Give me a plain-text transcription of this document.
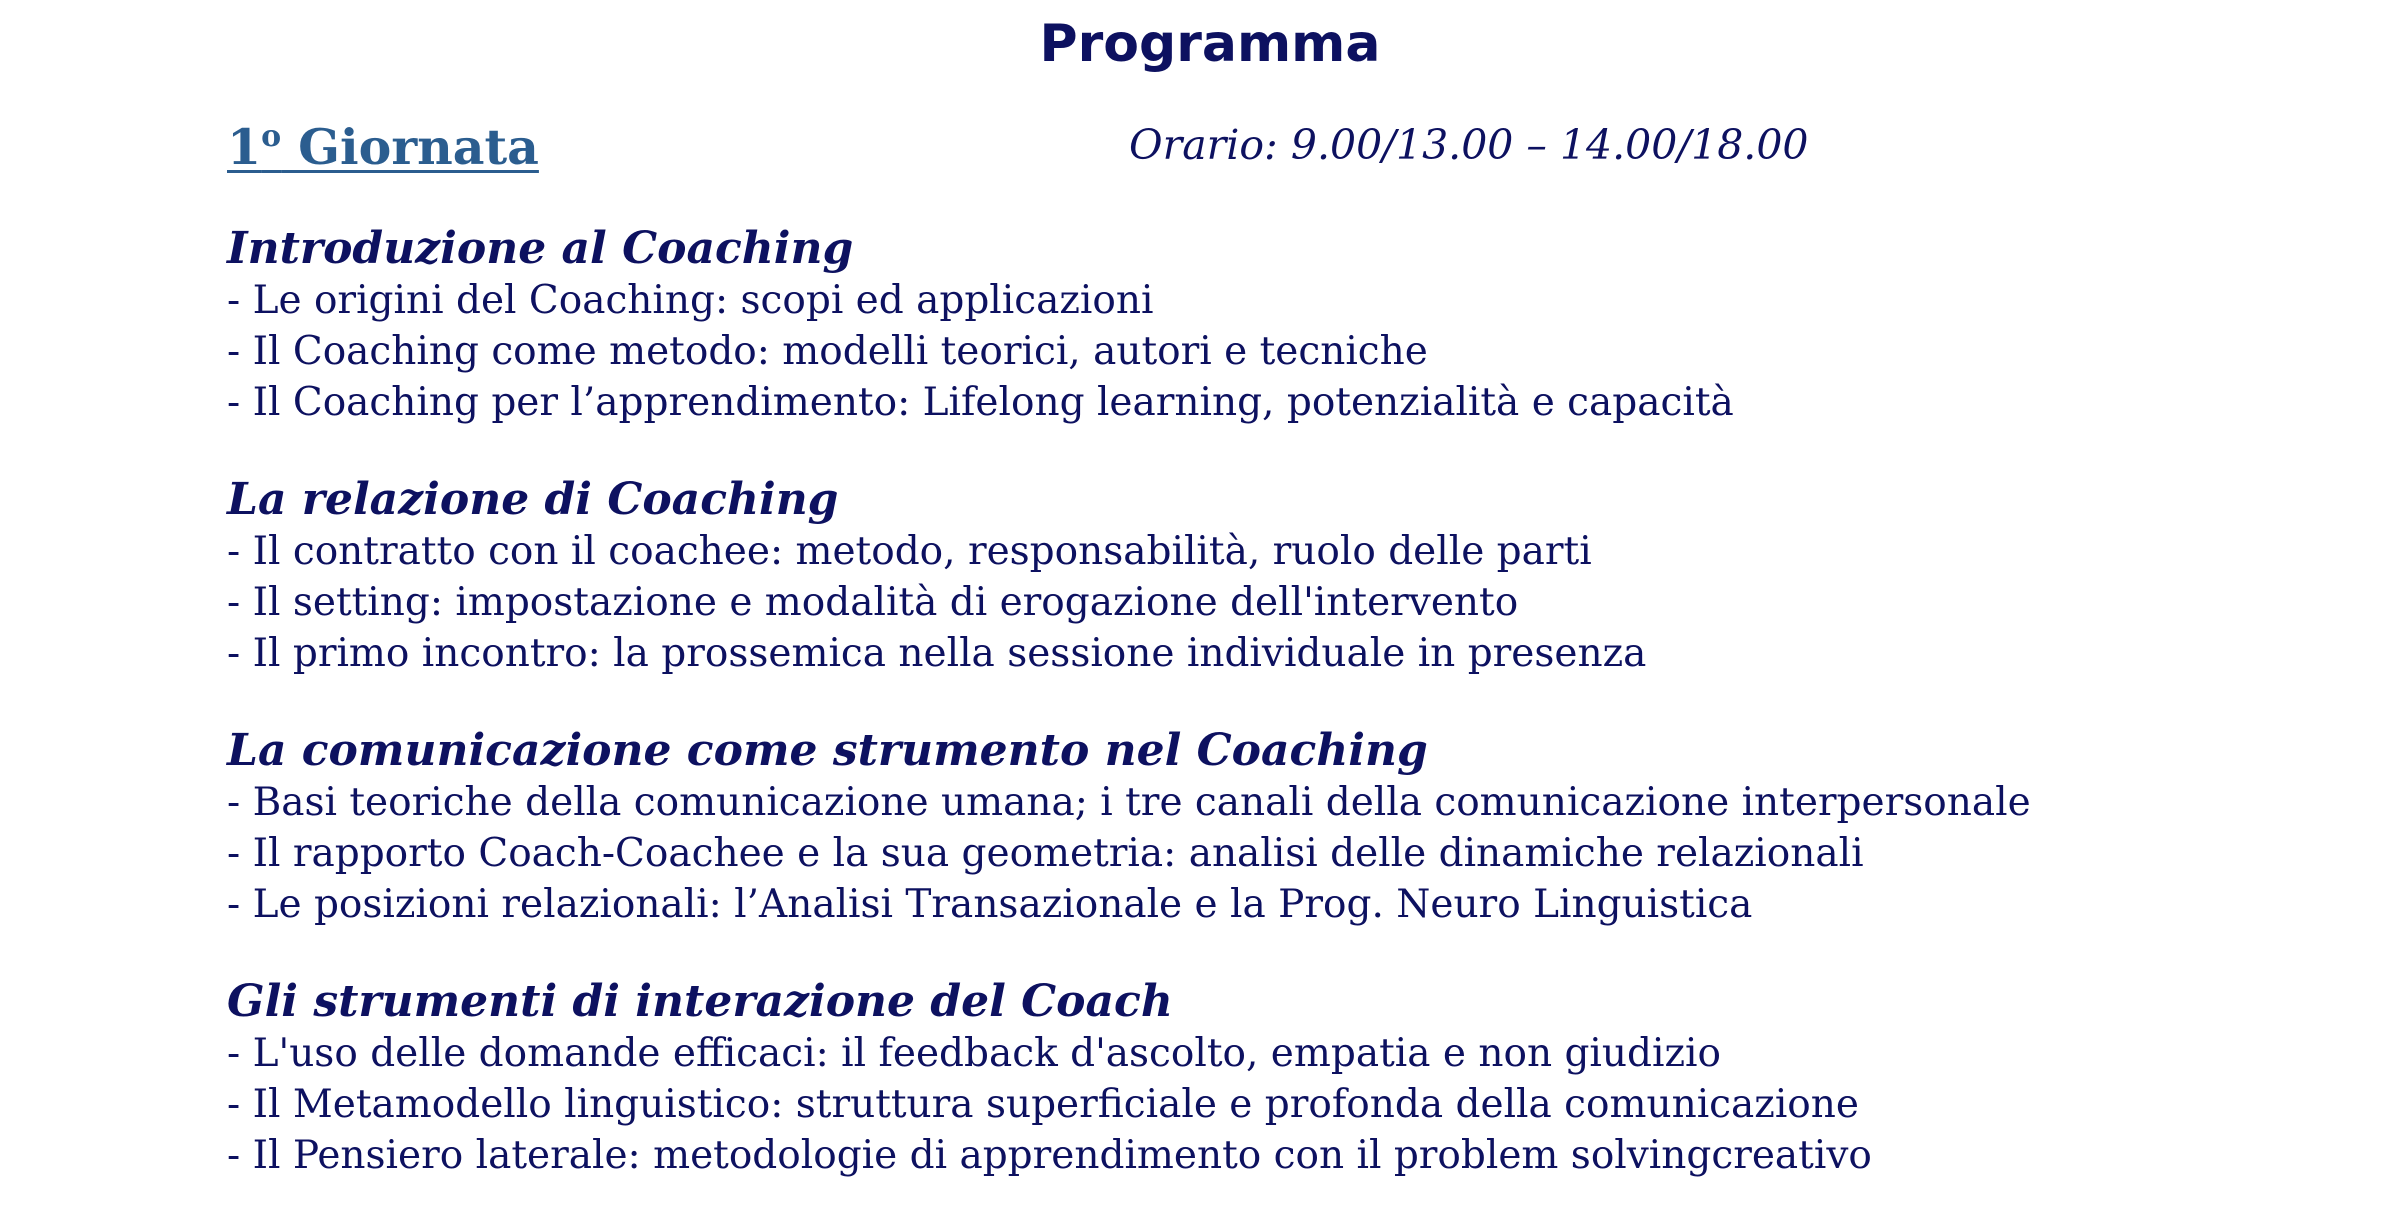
Programma
1$^o$ Giornata	Orario: 9.00/13.00 – 14.00/18.00

Introduzione al Coaching

- Le origini del Coaching: scopi ed applicazioni

- Il Coaching come metodo: modelli teorici, autori e tecniche

- Il Coaching per l’apprendimento: Lifelong learning, potenzialità e capacità

La relazione di Coaching

- Il contratto con il coachee: metodo, responsabilità, ruolo delle parti

- Il setting: impostazione e modalità di erogazione dell'intervento

- Il primo incontro: la prossemica nella sessione individuale in presenza

La comunicazione come strumento nel Coaching

- Basi teoriche della comunicazione umana; i tre canali della comunicazione interpersonale

- Il rapporto Coach-Coachee e la sua geometria: analisi delle dinamiche relazionali

- Le posizioni relazionali: l’Analisi Transazionale e la Prog. Neuro Linguistica

Gli strumenti di interazione del Coach

- L'uso delle domande efficaci: il feedback d'ascolto, empatia e non giudizio

- Il Metamodello linguistico: struttura superficiale e profonda della comunicazione

- Il Pensiero laterale: metodologie di apprendimento con il problem solvingcreativo
